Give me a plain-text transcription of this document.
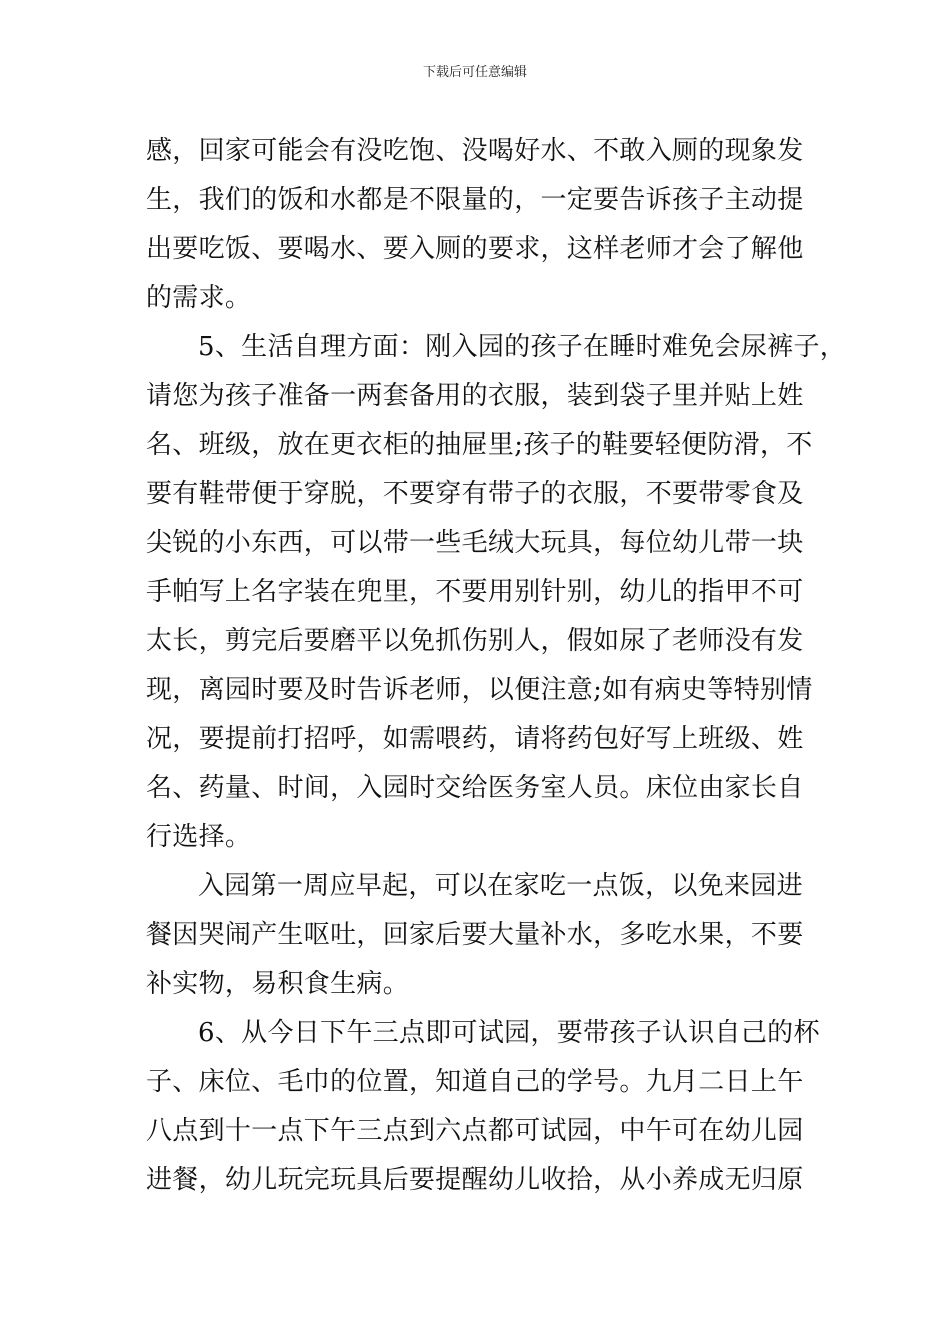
下载后可任意编辑
感，回家可能会有没吃饱、没喝好水、不敢入厕的现象发
生，我们的饭和水都是不限量的，一定要告诉孩子主动提
出要吃饭、要喝水、要入厕的要求，这样老师才会了解他
的需求。
5、生活自理方面：刚入园的孩子在睡时难免会尿裤子，
请您为孩子准备一两套备用的衣服，装到袋子里并贴上姓
名、班级，放在更衣柜的抽屉里;孩子的鞋要轻便防滑，不
要有鞋带便于穿脱，不要穿有带子的衣服，不要带零食及
尖锐的小东西，可以带一些毛绒大玩具，每位幼儿带一块
手帕写上名字装在兜里，不要用别针别，幼儿的指甲不可
太长，剪完后要磨平以免抓伤别人，假如尿了老师没有发
现，离园时要及时告诉老师，以便注意;如有病史等特别情
况，要提前打招呼，如需喂药，请将药包好写上班级、姓
名、药量、时间，入园时交给医务室人员。床位由家长自
行选择。
入园第一周应早起，可以在家吃一点饭，以免来园进
餐因哭闹产生呕吐，回家后要大量补水，多吃水果，不要
补实物，易积食生病。
6、从今日下午三点即可试园，要带孩子认识自己的杯
子、床位、毛巾的位置，知道自己的学号。九月二日上午
八点到十一点下午三点到六点都可试园，中午可在幼儿园
进餐，幼儿玩完玩具后要提醒幼儿收拾，从小养成无归原
